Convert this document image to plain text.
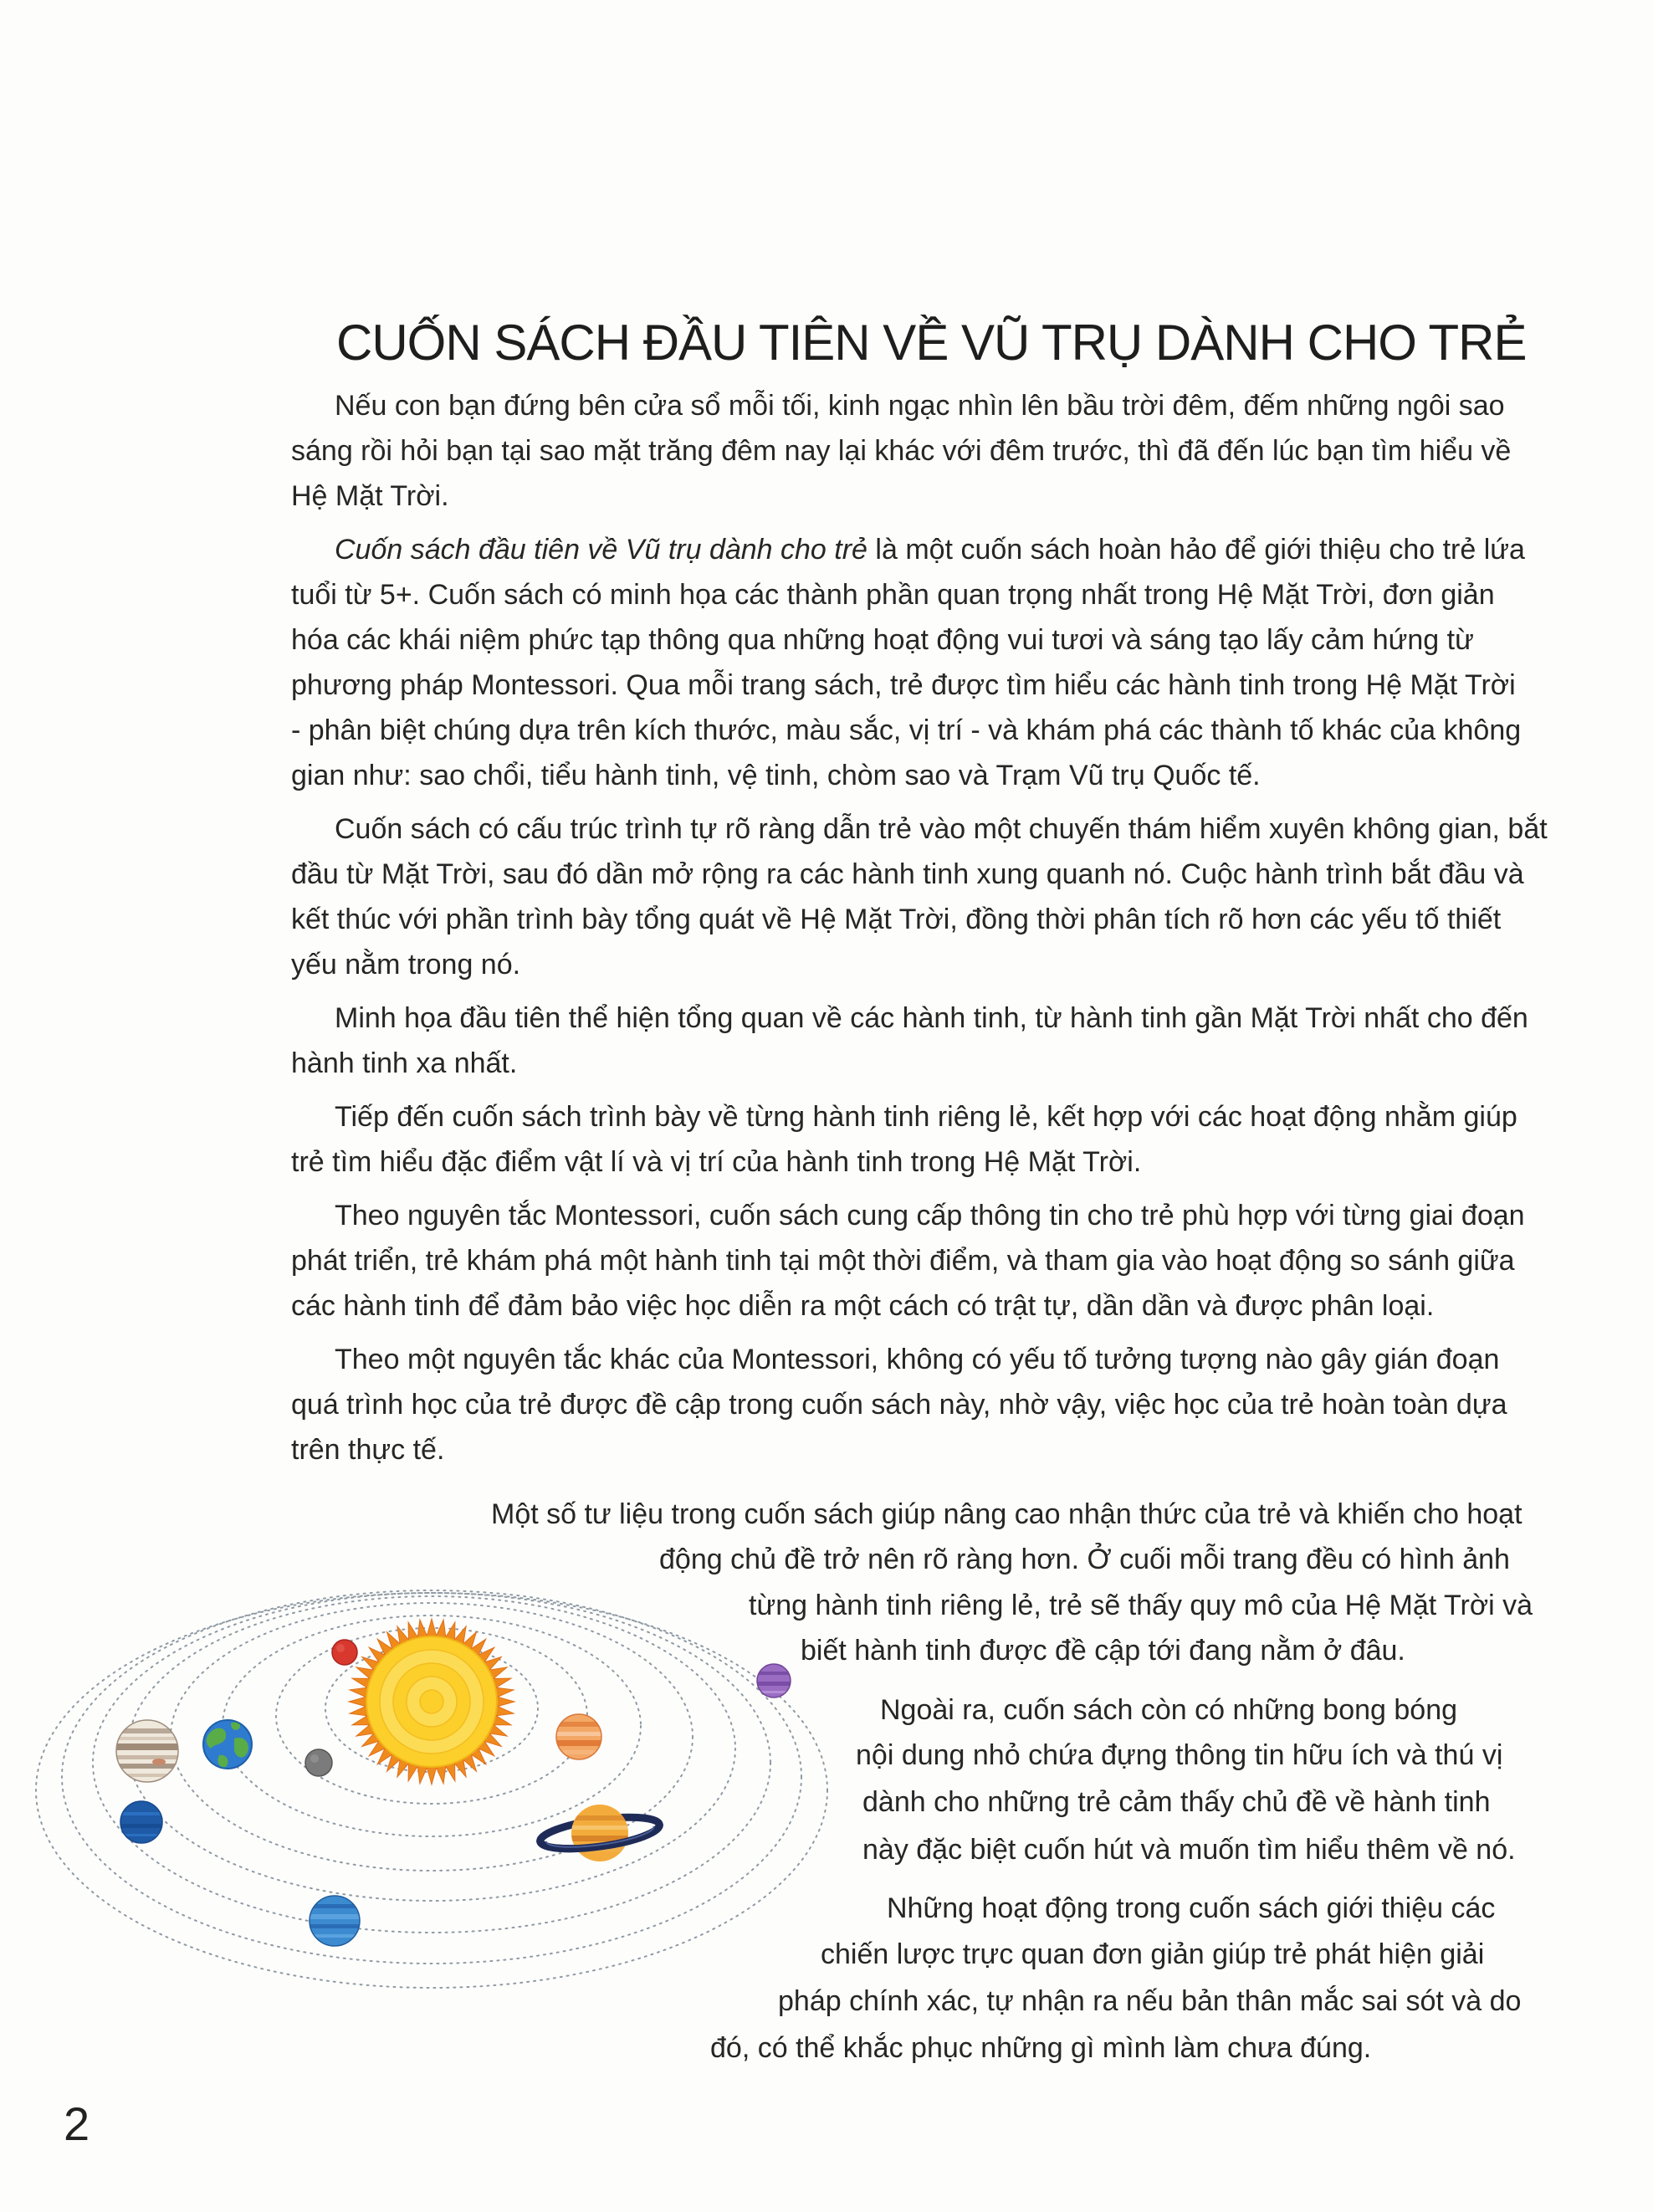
CUỐN SÁCH ĐẦU TIÊN VỀ VŨ TRỤ DÀNH CHO TRẺ
Nếu con bạn đứng bên cửa sổ mỗi tối, kinh ngạc nhìn lên bầu trời đêm, đếm những ngôi sao
sáng rồi hỏi bạn tại sao mặt trăng đêm nay lại khác với đêm trước, thì đã đến lúc bạn tìm hiểu về
Hệ Mặt Trời.
Cuốn sách đầu tiên về Vũ trụ dành cho trẻ là một cuốn sách hoàn hảo để giới thiệu cho trẻ lứa
tuổi từ 5+. Cuốn sách có minh họa các thành phần quan trọng nhất trong Hệ Mặt Trời, đơn giản
hóa các khái niệm phức tạp thông qua những hoạt động vui tươi và sáng tạo lấy cảm hứng từ
phương pháp Montessori. Qua mỗi trang sách, trẻ được tìm hiểu các hành tinh trong Hệ Mặt Trời
- phân biệt chúng dựa trên kích thước, màu sắc, vị trí - và khám phá các thành tố khác của không
gian như: sao chổi, tiểu hành tinh, vệ tinh, chòm sao và Trạm Vũ trụ Quốc tế.
Cuốn sách có cấu trúc trình tự rõ ràng dẫn trẻ vào một chuyến thám hiểm xuyên không gian, bắt
đầu từ Mặt Trời, sau đó dần mở rộng ra các hành tinh xung quanh nó. Cuộc hành trình bắt đầu và
kết thúc với phần trình bày tổng quát về Hệ Mặt Trời, đồng thời phân tích rõ hơn các yếu tố thiết
yếu nằm trong nó.
Minh họa đầu tiên thể hiện tổng quan về các hành tinh, từ hành tinh gần Mặt Trời nhất cho đến
hành tinh xa nhất.
Tiếp đến cuốn sách trình bày về từng hành tinh riêng lẻ, kết hợp với các hoạt động nhằm giúp
trẻ tìm hiểu đặc điểm vật lí và vị trí của hành tinh trong Hệ Mặt Trời.
Theo nguyên tắc Montessori, cuốn sách cung cấp thông tin cho trẻ phù hợp với từng giai đoạn
phát triển, trẻ khám phá một hành tinh tại một thời điểm, và tham gia vào hoạt động so sánh giữa
các hành tinh để đảm bảo việc học diễn ra một cách có trật tự, dần dần và được phân loại.
Theo một nguyên tắc khác của Montessori, không có yếu tố tưởng tượng nào gây gián đoạn
quá trình học của trẻ được đề cập trong cuốn sách này, nhờ vậy, việc học của trẻ hoàn toàn dựa
trên thực tế.
Một số tư liệu trong cuốn sách giúp nâng cao nhận thức của trẻ và khiến cho hoạt
động chủ đề trở nên rõ ràng hơn. Ở cuối mỗi trang đều có hình ảnh
từng hành tinh riêng lẻ, trẻ sẽ thấy quy mô của Hệ Mặt Trời và
biết hành tinh được đề cập tới đang nằm ở đâu.
Ngoài ra, cuốn sách còn có những bong bóng
nội dung nhỏ chứa đựng thông tin hữu ích và thú vị
dành cho những trẻ cảm thấy chủ đề về hành tinh
này đặc biệt cuốn hút và muốn tìm hiểu thêm về nó.
Những hoạt động trong cuốn sách giới thiệu các
chiến lược trực quan đơn giản giúp trẻ phát hiện giải
pháp chính xác, tự nhận ra nếu bản thân mắc sai sót và do
đó, có thể khắc phục những gì mình làm chưa đúng.
2
